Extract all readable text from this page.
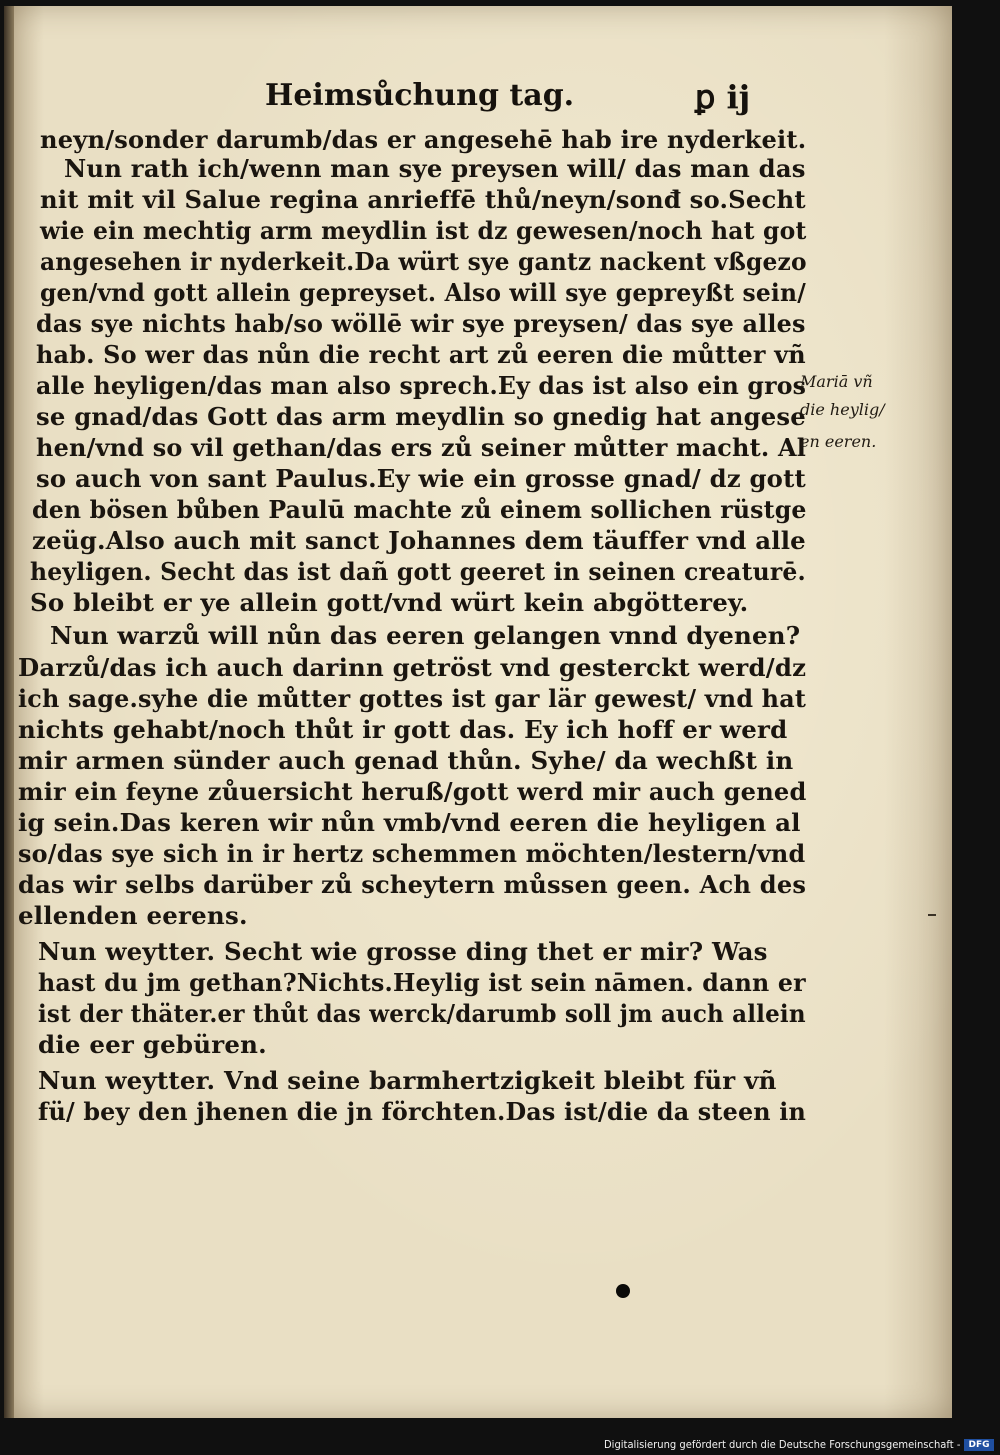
Heimsůchung tag.	ꝑ ij
neyn/sonder darumb/das er angesehē hab ire nyderkeit.
Nun rath ich/wenn man sye preysen will/ das man das
nit mit vil Salue regina anrieffē thů/neyn/sonđ so.Secht
wie ein mechtig arm meydlin ist dz gewesen/noch hat got
angesehen ir nyderkeit.Da würt sye gantz nackent vßgezo
gen/vnd gott allein gepreyset. Also will sye gepreyßt sein/
das sye nichts hab/so wöllē wir sye preysen/ das sye alles
hab. So wer das nůn die recht art zů eeren die můtter vñ
alle heyligen/das man also sprech.Ey das ist also ein gros
se gnad/das Gott das arm meydlin so gnedig hat angese
hen/vnd so vil gethan/das ers zů seiner můtter macht. Al
so auch von sant Paulus.Ey wie ein grosse gnad/ dz gott
den bösen bůben Paulū machte zů einem sollichen rüstge
zeüg.Also auch mit sanct Johannes dem täuffer vnd alle
heyligen. Secht das ist dañ gott geeret in seinen creaturē.
So bleibt er ye allein gott/vnd würt kein abgötterey.
Nun warzů will nůn das eeren gelangen vnnd dyenen?
Darzů/das ich auch darinn getröst vnd gesterckt werd/dz
ich sage.syhe die můtter gottes ist gar lär gewest/ vnd hat
nichts gehabt/noch thůt ir gott das. Ey ich hoff er werd
mir armen sünder auch genad thůn. Syhe/ da wechßt in
mir ein feyne zůuersicht heruß/gott werd mir auch gened
ig sein.Das keren wir nůn vmb/vnd eeren die heyligen al
so/das sye sich in ir hertz schemmen möchten/lestern/vnd
das wir selbs darüber zů scheytern můssen geen. Ach des
ellenden eerens.
Nun weytter. Secht wie grosse ding thet er mir? Was
hast du jm gethan?Nichts.Heylig ist sein nāmen. dann er
ist der thäter.er thůt das werck/darumb soll jm auch allein
die eer gebüren.
Nun weytter. Vnd seine barmhertzigkeit bleibt für vñ
fü/ bey den jhenen die jn förchten.Das ist/die da steen in
Mariā vñ
die heylig/
en eeren.
Digitalisierung gefördert durch die Deutsche Forschungsgemeinschaft - DFG
